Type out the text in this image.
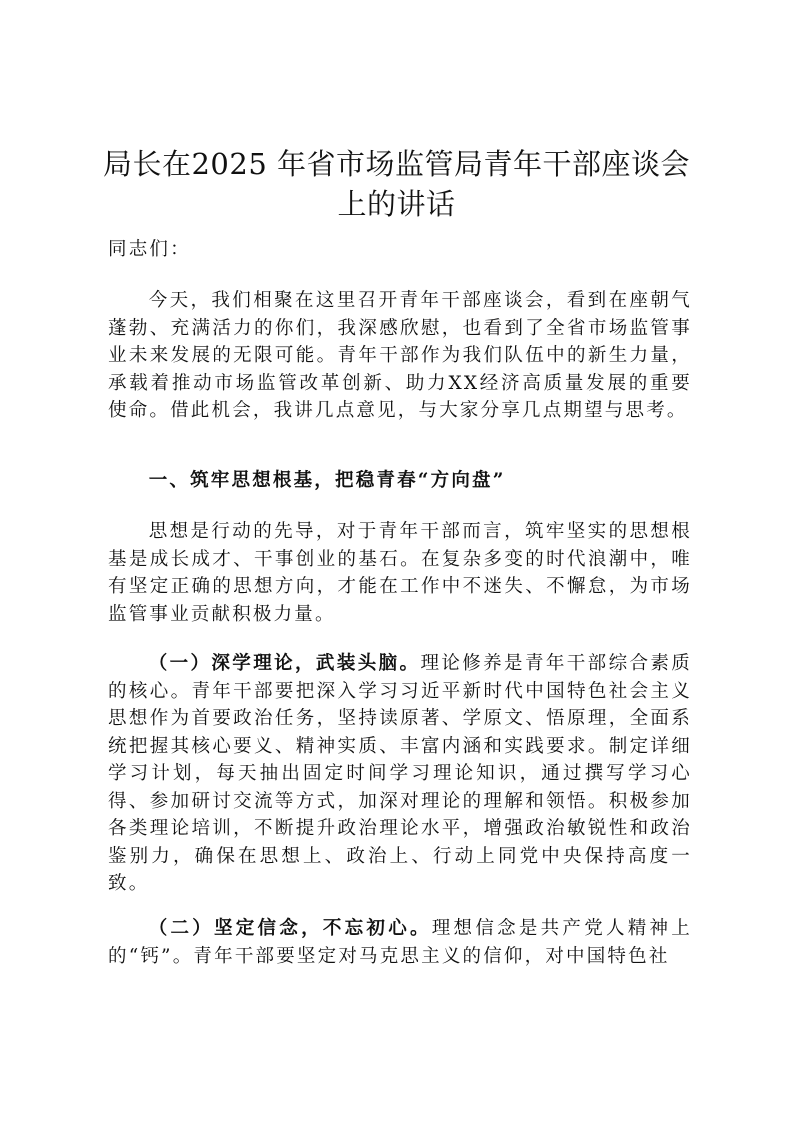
局长在2025 年省市场监管局青年干部座谈会上的讲话

同志们：

今天，我们相聚在这里召开青年干部座谈会，看到在座朝气蓬勃、充满活力的你们，我深感欣慰，也看到了全省市场监管事业未来发展的无限可能。青年干部作为我们队伍中的新生力量，承载着推动市场监管改革创新、助力XX经济高质量发展的重要使命。借此机会，我讲几点意见，与大家分享几点期望与思考。

一、筑牢思想根基，把稳青春“方向盘”

思想是行动的先导，对于青年干部而言，筑牢坚实的思想根基是成长成才、干事创业的基石。在复杂多变的时代浪潮中，唯有坚定正确的思想方向，才能在工作中不迷失、不懈怠，为市场监管事业贡献积极力量。

（一）深学理论，武装头脑。理论修养是青年干部综合素质的核心。青年干部要把深入学习习近平新时代中国特色社会主义思想作为首要政治任务，坚持读原著、学原文、悟原理，全面系统把握其核心要义、精神实质、丰富内涵和实践要求。制定详细学习计划，每天抽出固定时间学习理论知识，通过撰写学习心得、参加研讨交流等方式，加深对理论的理解和领悟。积极参加各类理论培训，不断提升政治理论水平，增强政治敏锐性和政治鉴别力，确保在思想上、政治上、行动上同党中央保持高度一致。

（二）坚定信念，不忘初心。理想信念是共产党人精神上的“钙”。青年干部要坚定对马克思主义的信仰，对中国特色社
